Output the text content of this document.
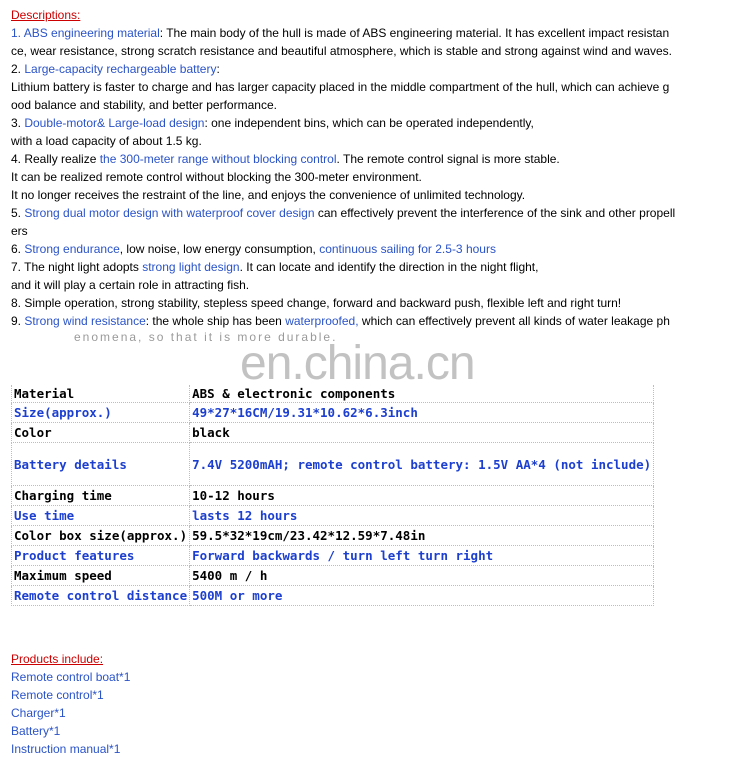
Descriptions:
1. ABS engineering material: The main body of the hull is made of ABS engineering material. It has excellent impact resistan
ce, wear resistance, strong scratch resistance and beautiful atmosphere, which is stable and strong against wind and waves.
2. Large-capacity rechargeable battery:
Lithium battery is faster to charge and has larger capacity placed in the middle compartment of the hull, which can achieve g
ood balance and stability, and better performance.
3. Double-motor& Large-load design: one independent bins, which can be operated independently,
with a load capacity of about 1.5 kg.
4. Really realize the 300-meter range without blocking control. The remote control signal is more stable.
It can be realized remote control without blocking the 300-meter environment.
It no longer receives the restraint of the line, and enjoys the convenience of unlimited technology.
5. Strong dual motor design with waterproof cover design can effectively prevent the interference of the sink and other propell
ers
6. Strong endurance, low noise, low energy consumption, continuous sailing for 2.5-3 hours
7. The night light adopts strong light design. It can locate and identify the direction in the night flight,
and it will play a certain role in attracting fish.
8. Simple operation, strong stability, stepless speed change, forward and backward push, flexible left and right turn!
9. Strong wind resistance: the whole ship has been waterproofed, which can effectively prevent all kinds of water leakage ph
enomena, so that it is more durable.
en.china.cn
Material	ABS & electronic components
Size(approx.)	49*27*16CM/19.31*10.62*6.3inch
Color	black
Battery details	7.4V 5200mAH; remote control battery: 1.5V AA*4 (not include)
Charging time	10-12 hours
Use time	lasts 12 hours
Color box size(approx.)	59.5*32*19cm/23.42*12.59*7.48in
Product features	Forward backwards / turn left turn right
Maximum speed	5400 m / h
Remote control distance	500M or more
Products include:
Remote control boat*1
Remote control*1
Charger*1
Battery*1
Instruction manual*1
